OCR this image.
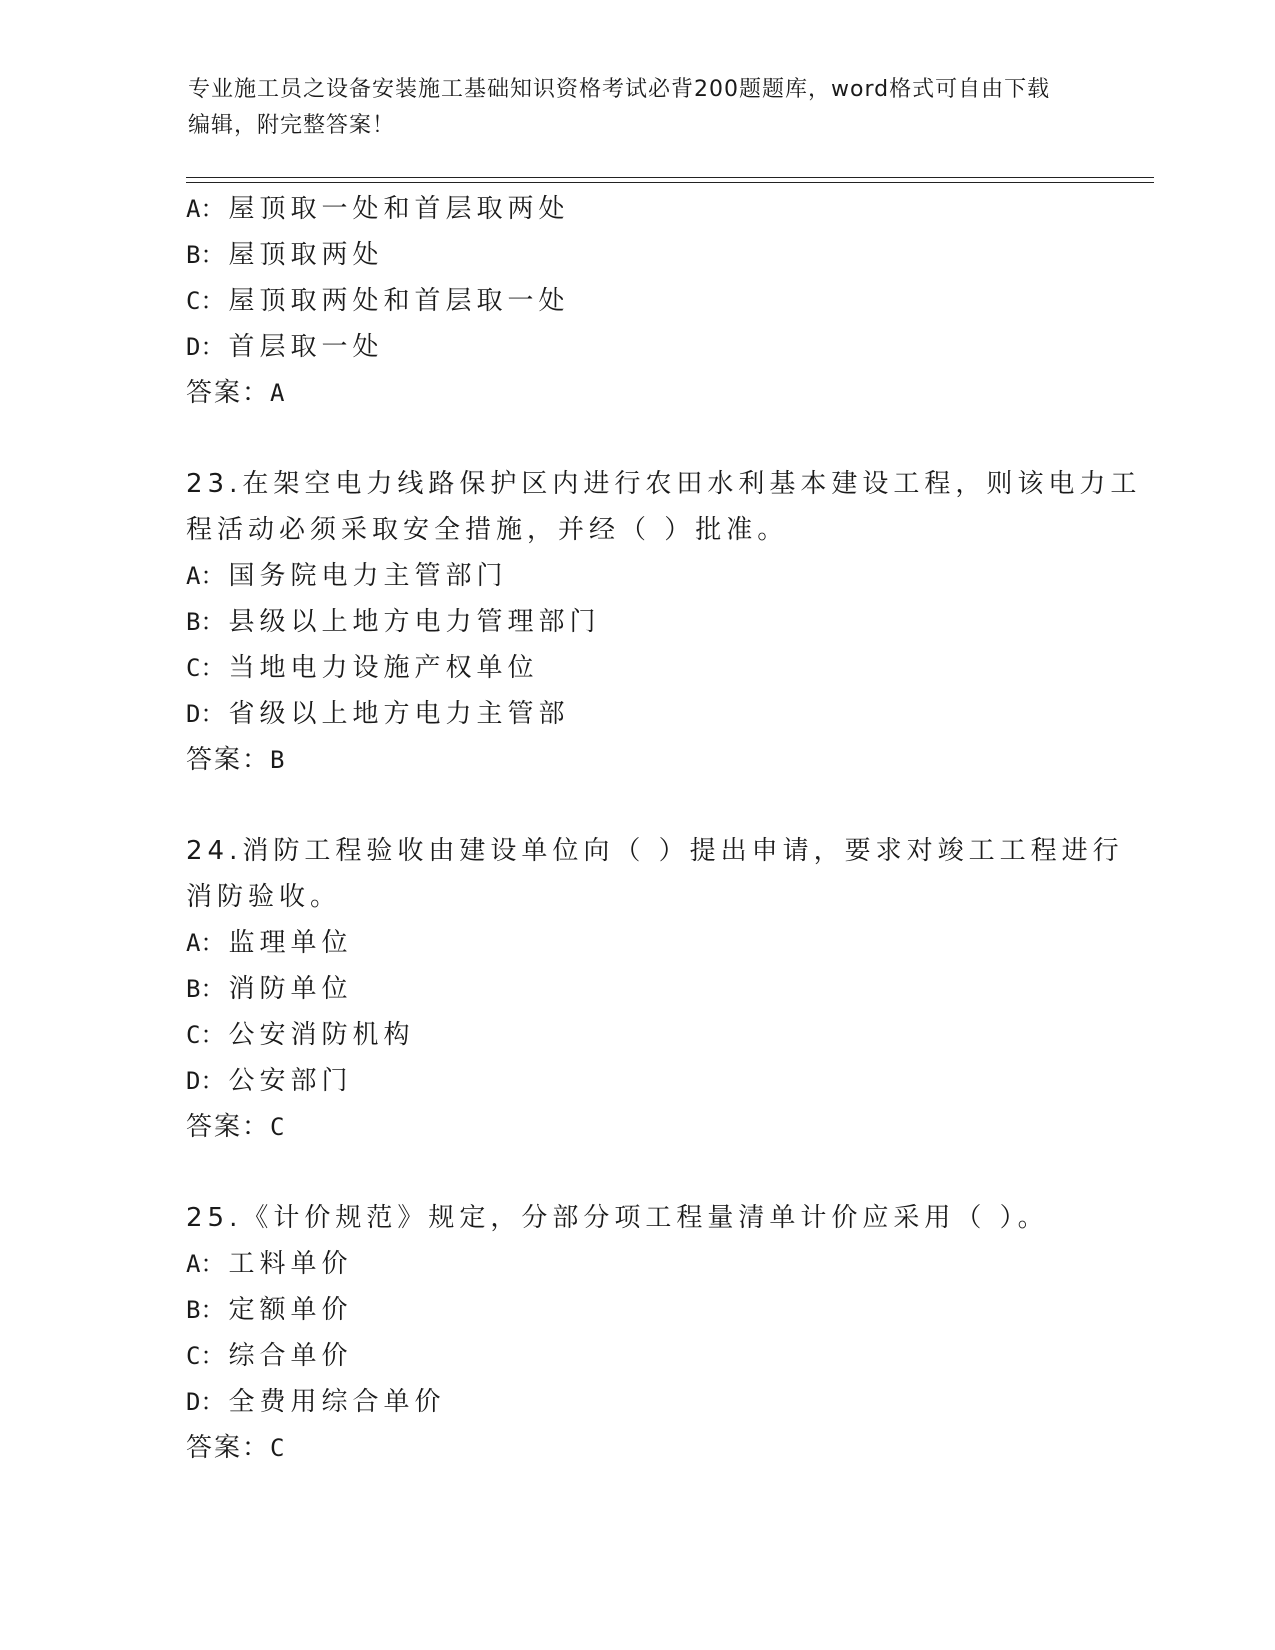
专业施工员之设备安装施工基础知识资格考试必背200题题库，word格式可自由下载编辑，附完整答案！
A： 屋顶取一处和首层取两处
B： 屋顶取两处
C： 屋顶取两处和首层取一处
D： 首层取一处
答案：A
23.在架空电力线路保护区内进行农田水利基本建设工程，则该电力工
程活动必须采取安全措施，并经（ ）批准。
A： 国务院电力主管部门
B： 县级以上地方电力管理部门
C： 当地电力设施产权单位
D： 省级以上地方电力主管部
答案：B
24.消防工程验收由建设单位向（ ）提出申请，要求对竣工工程进行
消防验收。
A： 监理单位
B： 消防单位
C： 公安消防机构
D： 公安部门
答案：C
25.《计价规范》规定，分部分项工程量清单计价应采用（ ）。
A： 工料单价
B： 定额单价
C： 综合单价
D： 全费用综合单价
答案：C
